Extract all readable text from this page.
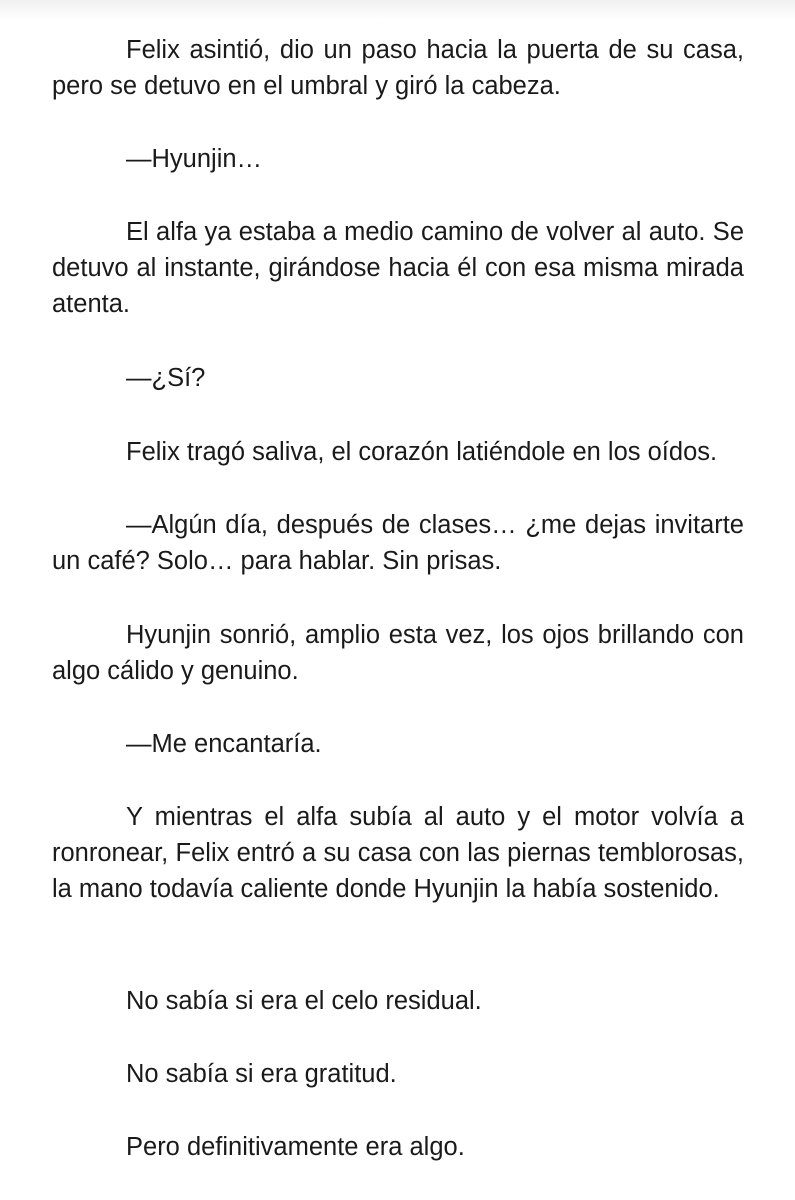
Felix asintió, dio un paso hacia la puerta de su casa, pero se detuvo en el umbral y giró la cabeza.

—Hyunjin…

El alfa ya estaba a medio camino de volver al auto. Se detuvo al instante, girándose hacia él con esa misma mirada atenta.

—¿Sí?

Felix tragó saliva, el corazón latiéndole en los oídos.

—Algún día, después de clases… ¿me dejas invitarte un café? Solo… para hablar. Sin prisas.

Hyunjin sonrió, amplio esta vez, los ojos brillando con algo cálido y genuino.

—Me encantaría.

Y mientras el alfa subía al auto y el motor volvía a ronronear, Felix entró a su casa con las piernas temblorosas, la mano todavía caliente donde Hyunjin la había sostenido.

No sabía si era el celo residual.

No sabía si era gratitud.

Pero definitivamente era algo.
